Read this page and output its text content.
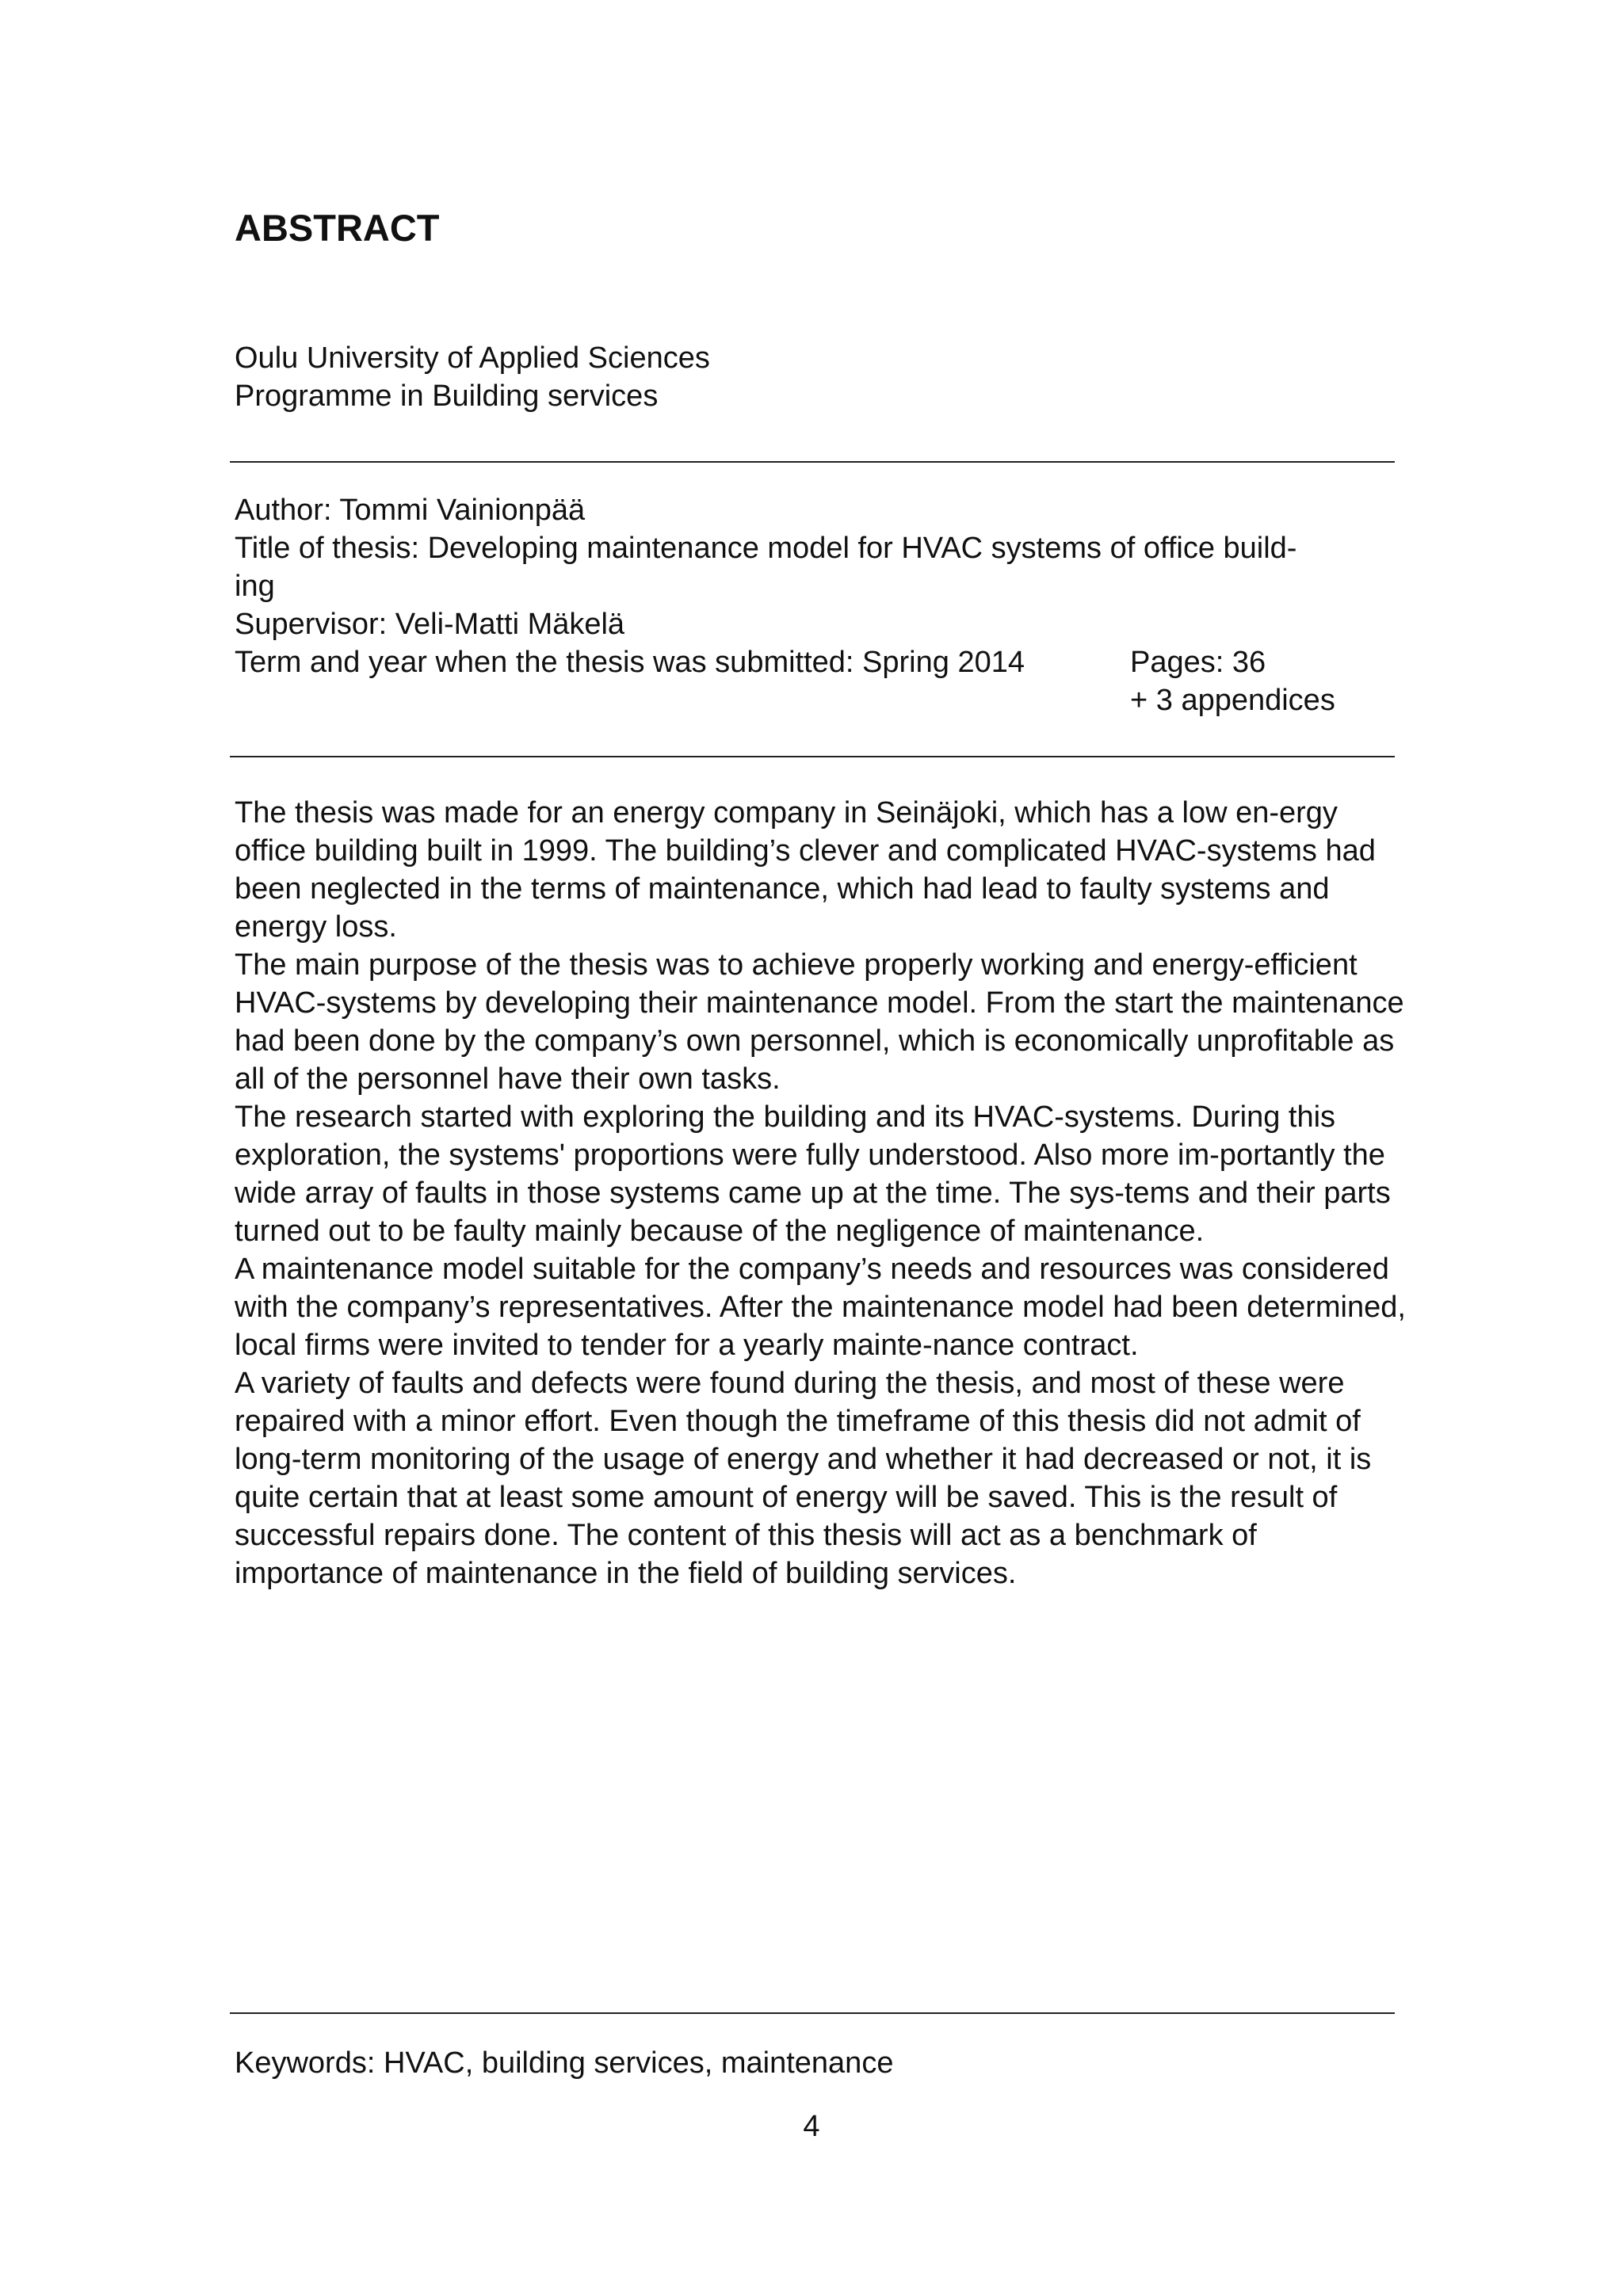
ABSTRACT
Oulu University of Applied Sciences
Programme in Building services
Author: Tommi Vainionpää
Title of thesis: Developing maintenance model for HVAC systems of office build-
ing
Supervisor: Veli-Matti Mäkelä
Term and year when the thesis was submitted: Spring 2014	Pages: 36
+ 3 appendices

The thesis was made for an energy company in Seinäjoki, which has a low en-ergy office building built in 1999. The building’s clever and complicated HVAC-systems had been neglected in the terms of maintenance, which had lead to faulty systems and energy loss.

The main purpose of the thesis was to achieve properly working and energy-efficient HVAC-systems by developing their maintenance model. From the start the maintenance had been done by the company’s own personnel, which is economically unprofitable as all of the personnel have their own tasks.

The research started with exploring the building and its HVAC-systems. During this exploration, the systems' proportions were fully understood. Also more im-portantly the wide array of faults in those systems came up at the time. The sys-tems and their parts turned out to be faulty mainly because of the negligence of maintenance.

A maintenance model suitable for the company’s needs and resources was considered with the company’s representatives. After the maintenance model had been determined, local firms were invited to tender for a yearly mainte-nance contract.

A variety of faults and defects were found during the thesis, and most of these were repaired with a minor effort. Even though the timeframe of this thesis did not admit of long-term monitoring of the usage of energy and whether it had decreased or not, it is quite certain that at least some amount of energy will be saved. This is the result of successful repairs done. The content of this thesis will act as a benchmark of importance of maintenance in the field of building services.

Keywords: HVAC, building services, maintenance
4
